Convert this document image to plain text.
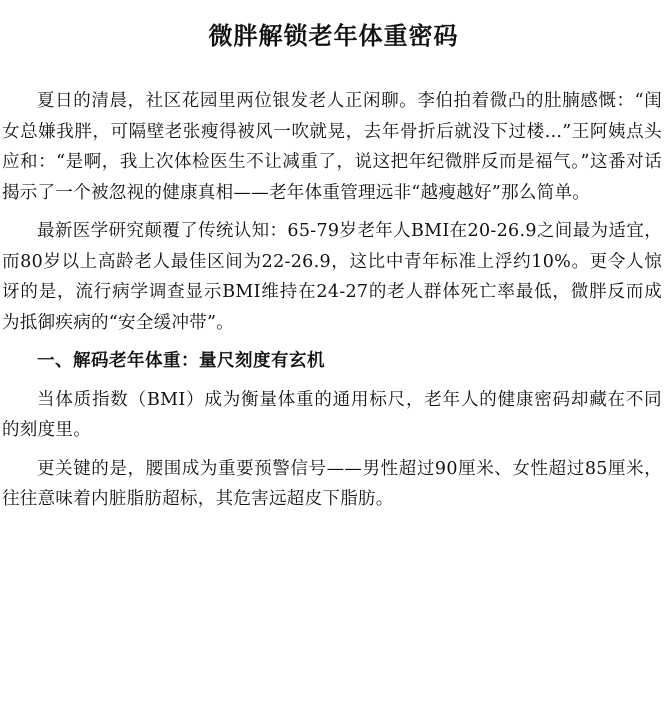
微胖解锁老年体重密码

夏日的清晨，社区花园里两位银发老人正闲聊。李伯拍着微凸的肚腩感慨：“闺女总嫌我胖，可隔壁老张瘦得被风一吹就晃，去年骨折后就没下过楼...”王阿姨点头应和：“是啊，我上次体检医生不让减重了，说这把年纪微胖反而是福气。”这番对话揭示了一个被忽视的健康真相——老年体重管理远非“越瘦越好”那么简单。

最新医学研究颠覆了传统认知：65-79岁老年人BMI在20-26.9之间最为适宜，而80岁以上高龄老人最佳区间为22-26.9，这比中青年标准上浮约10%。更令人惊讶的是，流行病学调查显示BMI维持在24-27的老人群体死亡率最低，微胖反而成为抵御疾病的“安全缓冲带”。

一、解码老年体重：量尺刻度有玄机

当体质指数（BMI）成为衡量体重的通用标尺，老年人的健康密码却藏在不同的刻度里。

更关键的是，腰围成为重要预警信号——男性超过90厘米、女性超过85厘米，往往意味着内脏脂肪超标，其危害远超皮下脂肪。
